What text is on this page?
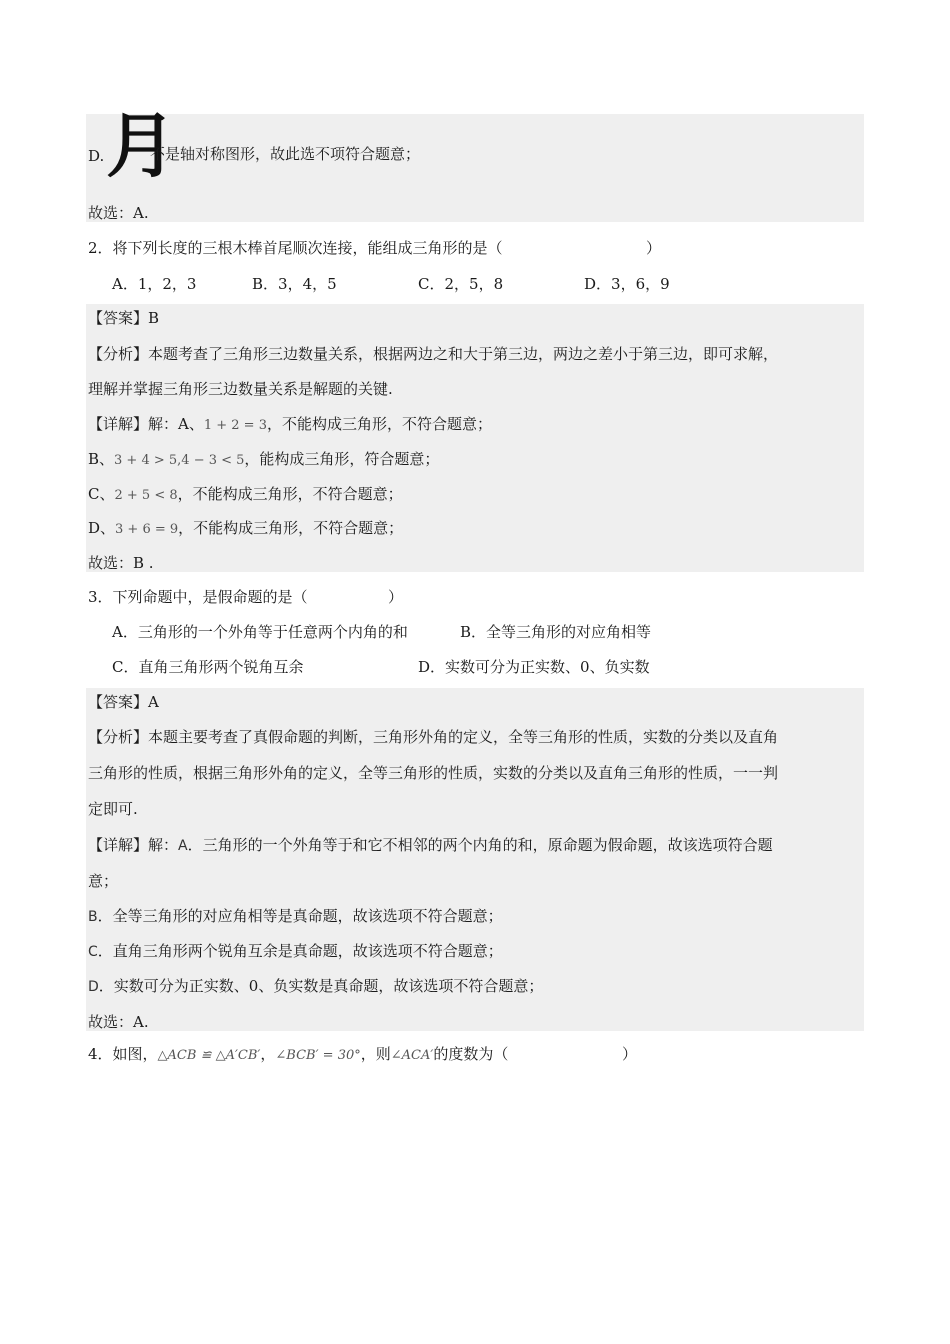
月
D.	不是轴对称图形，故此选不项符合题意；
故选：A.
2．将下列长度的三根木棒首尾顺次连接，能组成三角形的是（	）
A．1，2，3	B．3，4，5	C．2，5，8	D．3，6，9
【答案】B
【分析】本题考查了三角形三边数量关系，根据两边之和大于第三边，两边之差小于第三边，即可求解，
理解并掌握三角形三边数量关系是解题的关键.
【详解】解：A、1 + 2 = 3，不能构成三角形，不符合题意；
B、3 + 4 > 5,4 − 3 < 5，能构成三角形，符合题意；
C、2 + 5 < 8，不能构成三角形，不符合题意；
D、3 + 6 = 9，不能构成三角形，不符合题意；
故选：B .
3．下列命题中，是假命题的是（	）
A．三角形的一个外角等于任意两个内角的和	B．全等三角形的对应角相等
C．直角三角形两个锐角互余	D．实数可分为正实数、0、负实数
【答案】A
【分析】本题主要考查了真假命题的判断，三角形外角的定义，全等三角形的性质，实数的分类以及直角
三角形的性质，根据三角形外角的定义，全等三角形的性质，实数的分类以及直角三角形的性质，一一判
定即可.
【详解】解：A．三角形的一个外角等于和它不相邻的两个内角的和，原命题为假命题，故该选项符合题
意；
B．全等三角形的对应角相等是真命题，故该选项不符合题意；
C．直角三角形两个锐角互余是真命题，故该选项不符合题意；
D．实数可分为正实数、0、负实数是真命题，故该选项不符合题意；
故选：A.
4．如图，△ACB ≌ △A′CB′，∠BCB′ = 30°，则∠ACA′的度数为（	）
